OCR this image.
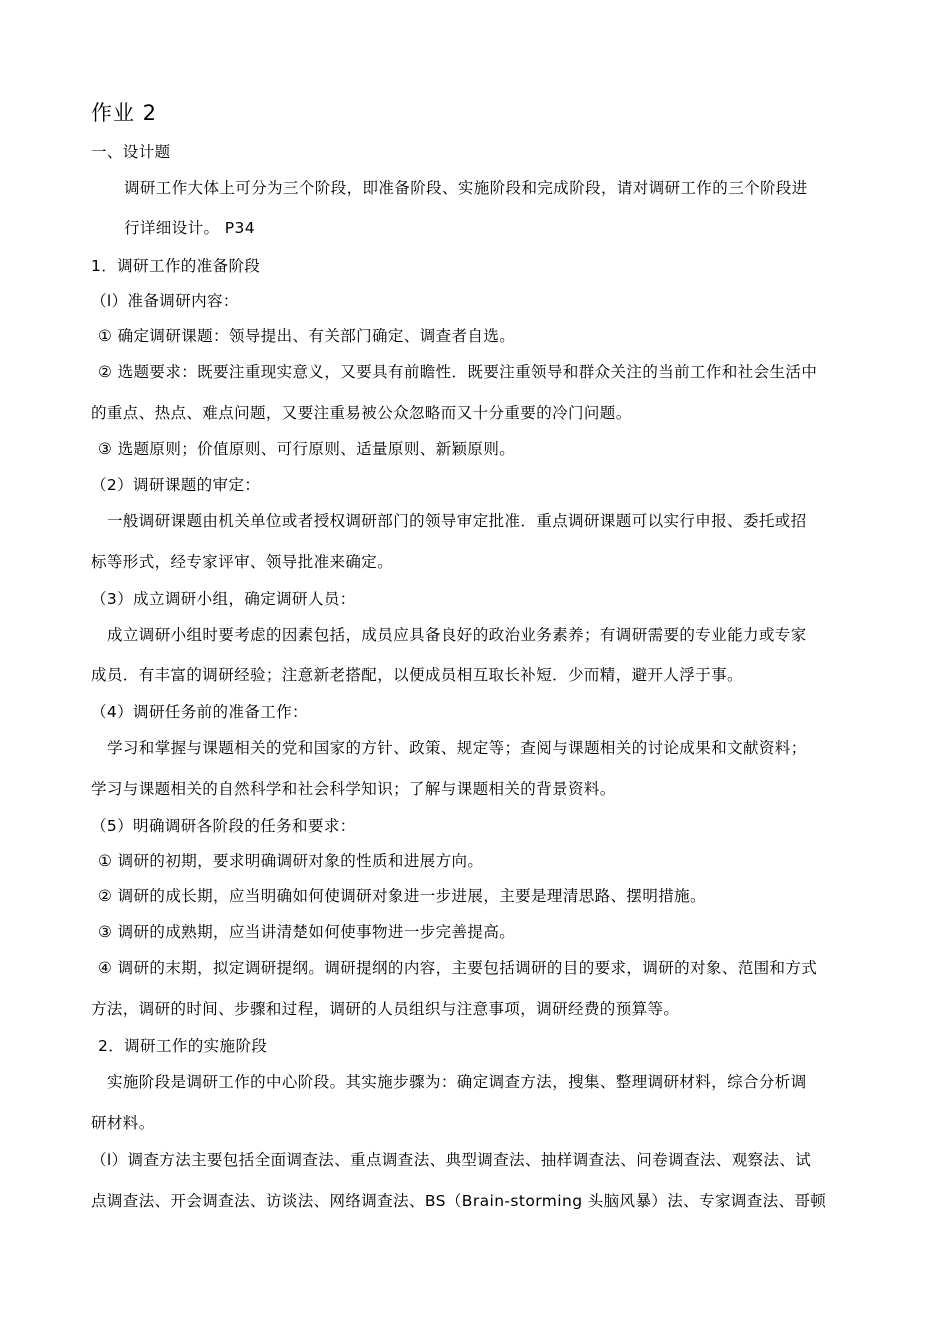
作业 2
一、设计题
调研工作大体上可分为三个阶段，即准备阶段、实施阶段和完成阶段，请对调研工作的三个阶段进
行详细设计。 P34
1．调研工作的准备阶段
（l）准备调研内容：
① 确定调研课题：领导提出、有关部门确定、调查者自选。
② 选题要求：既要注重现实意义，又要具有前瞻性．既要注重领导和群众关注的当前工作和社会生活中
的重点、热点、难点问题，又要注重易被公众忽略而又十分重要的冷门问题。
③ 选题原则；价值原则、可行原则、适量原则、新颖原则。
（2）调研课题的审定：
一般调研课题由机关单位或者授权调研部门的领导审定批准．重点调研课题可以实行申报、委托或招
标等形式，经专家评审、领导批准来确定。
（3）成立调研小组，确定调研人员：
成立调研小组时要考虑的因素包括，成员应具备良好的政治业务素养；有调研需要的专业能力或专家
成员．有丰富的调研经验；注意新老搭配，以便成员相互取长补短．少而精，避开人浮于事。
（4）调研任务前的准备工作：
学习和掌握与课题相关的党和国家的方针、政策、规定等；查阅与课题相关的讨论成果和文献资料；
学习与课题相关的自然科学和社会科学知识；了解与课题相关的背景资料。
（5）明确调研各阶段的任务和要求：
① 调研的初期，要求明确调研对象的性质和进展方向。
② 调研的成长期，应当明确如何使调研对象进一步进展，主要是理清思路、摆明措施。
③ 调研的成熟期，应当讲清楚如何使事物进一步完善提高。
④ 调研的末期，拟定调研提纲。调研提纲的内容，主要包括调研的目的要求，调研的对象、范围和方式
方法，调研的时间、步骤和过程，调研的人员组织与注意事项，调研经费的预算等。
2．调研工作的实施阶段
实施阶段是调研工作的中心阶段。其实施步骤为：确定调查方法，搜集、整理调研材料，综合分析调
研材料。
（l）调查方法主要包括全面调查法、重点调查法、典型调查法、抽样调查法、问卷调查法、观察法、试
点调查法、开会调查法、访谈法、网络调查法、BS（Brain-storming 头脑风暴）法、专家调查法、哥顿
